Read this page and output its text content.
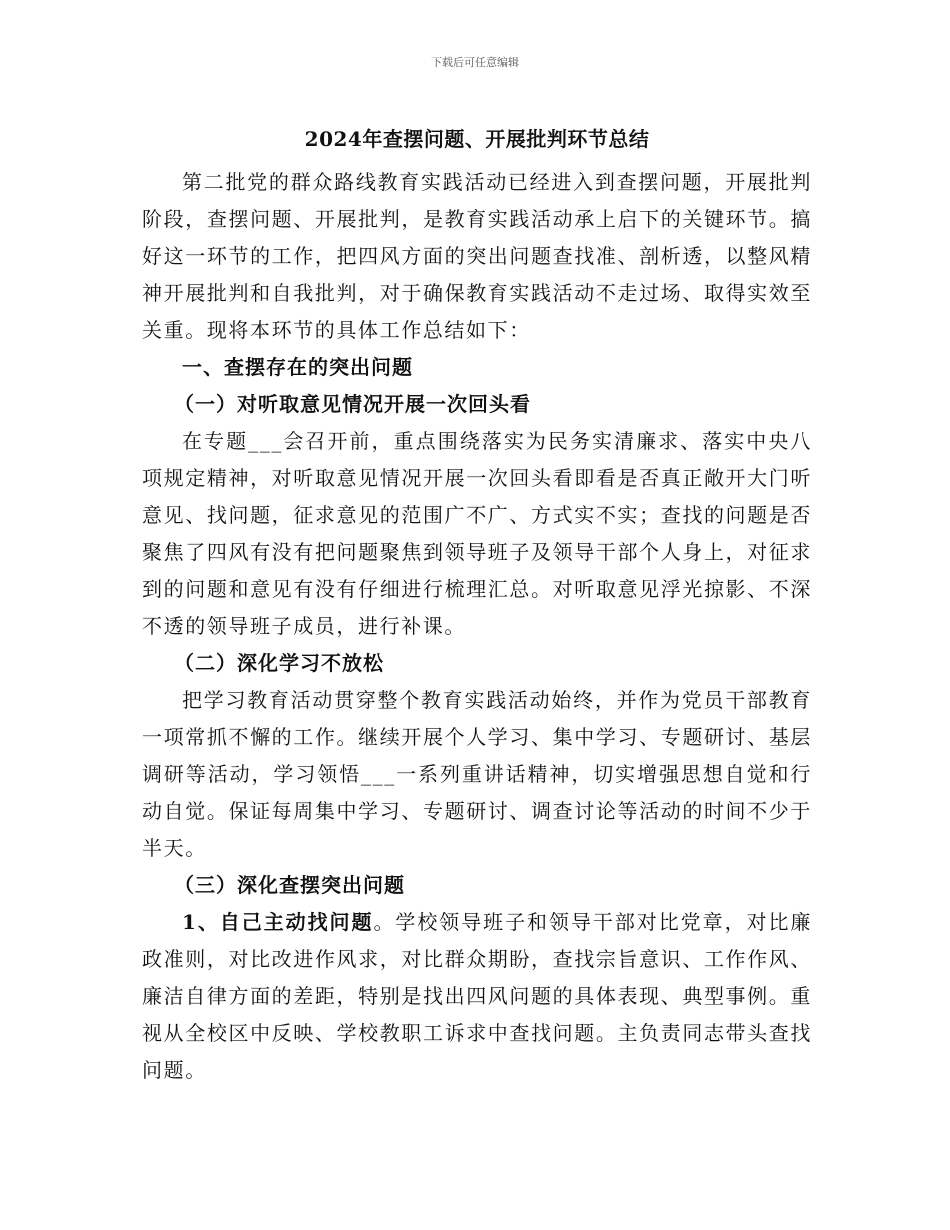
下载后可任意编辑
2024年查摆问题、开展批判环节总结

第二批党的群众路线教育实践活动已经进入到查摆问题，开展批判阶段，查摆问题、开展批判，是教育实践活动承上启下的关键环节。搞好这一环节的工作，把四风方面的突出问题查找准、剖析透，以整风精神开展批判和自我批判，对于确保教育实践活动不走过场、取得实效至关重。现将本环节的具体工作总结如下：

一、查摆存在的突出问题

（一）对听取意见情况开展一次回头看

在专题___会召开前，重点围绕落实为民务实清廉求、落实中央八项规定精神，对听取意见情况开展一次回头看即看是否真正敞开大门听意见、找问题，征求意见的范围广不广、方式实不实；查找的问题是否聚焦了四风有没有把问题聚焦到领导班子及领导干部个人身上，对征求到的问题和意见有没有仔细进行梳理汇总。对听取意见浮光掠影、不深不透的领导班子成员，进行补课。

（二）深化学习不放松

把学习教育活动贯穿整个教育实践活动始终，并作为党员干部教育一项常抓不懈的工作。继续开展个人学习、集中学习、专题研讨、基层调研等活动，学习领悟___一系列重讲话精神，切实增强思想自觉和行动自觉。保证每周集中学习、专题研讨、调查讨论等活动的时间不少于半天。

（三）深化查摆突出问题

1、自己主动找问题。学校领导班子和领导干部对比党章，对比廉政准则，对比改进作风求，对比群众期盼，查找宗旨意识、工作作风、廉洁自律方面的差距，特别是找出四风问题的具体表现、典型事例。重视从全校区中反映、学校教职工诉求中查找问题。主负责同志带头查找问题。
